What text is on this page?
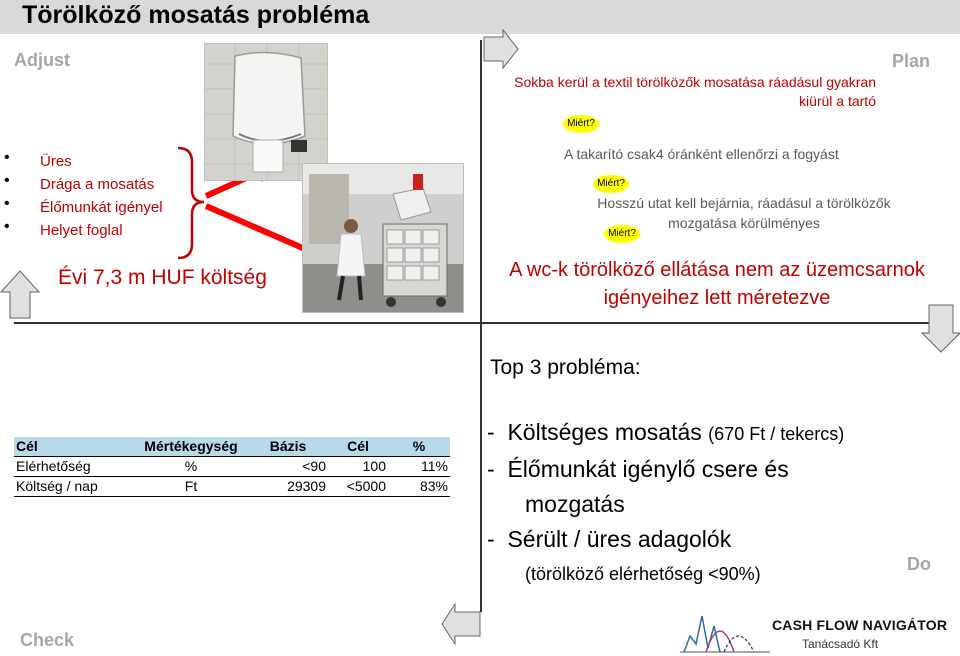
Törölköző mosatás probléma
Adjust	Plan
Do
Check
•
•
•
•
Üres
Drága a mosatás
Élőmunkát igényel
Helyet foglal
Sokba kerül a textil törölközők mosatása ráadásul gyakran kiürül a tartó
Miért?
A takarító csak4 óránként ellenőrzi a fogyást
Miért?
Hosszú utat kell bejárnia, ráadásul a törölközők mozgatása körülményes
Miért?
A wc-k törölköző ellátása nem az üzemcsarnok igényeihez lett méretezve
Évi 7,3 m HUF költség
Cél	Mértékegység	Bázis	Cél	%
Elérhetőség	%	<90	100	11%
Költség / nap	Ft	29309	<5000	83%
Top 3 probléma:
- Költséges mosatás (670 Ft / tekercs)
- Élőmunkát igénylő csere és
mozgatás
- Sérült / üres adagolók
(törölköző elérhetőség <90%)
CASH FLOW NAVIGÁTOR
Tanácsadó Kft
